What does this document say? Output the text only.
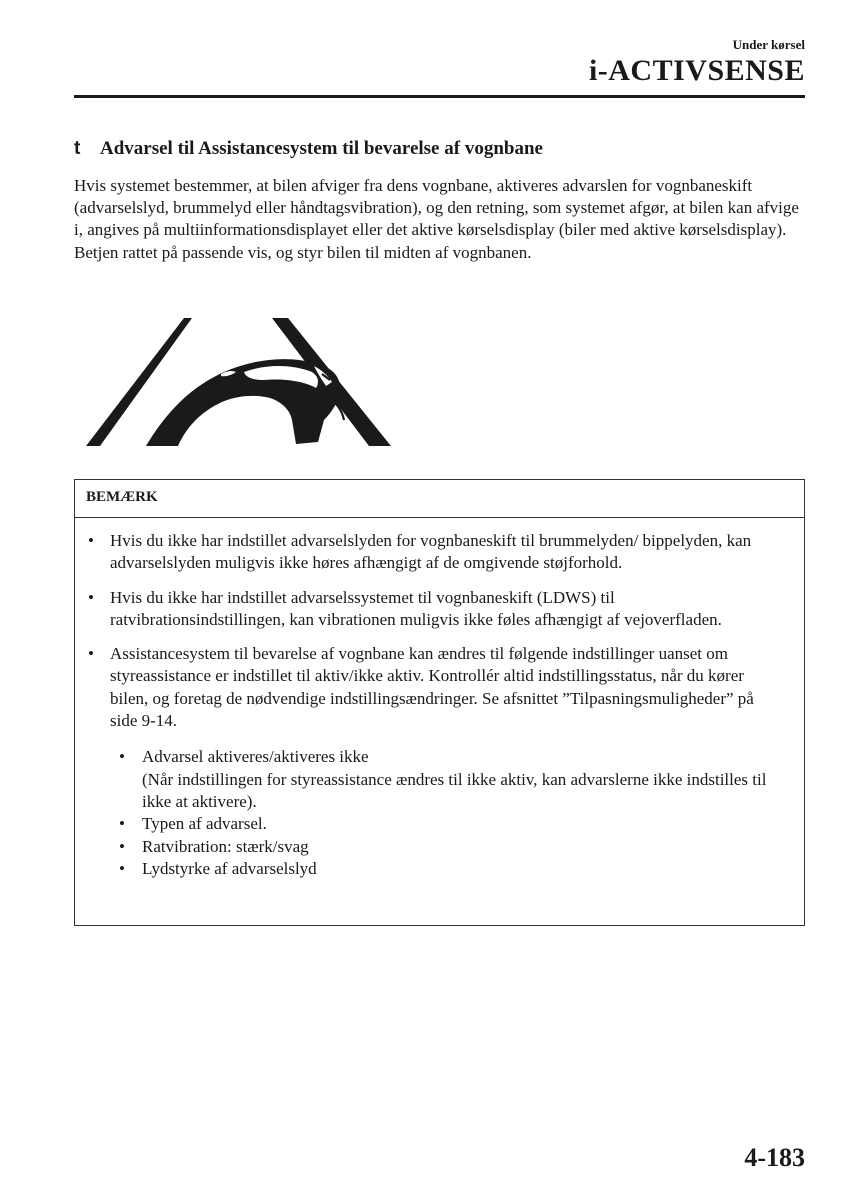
Under kørsel
i-ACTIVSENSE
t Advarsel til Assistancesystem til bevarelse af vognbane

Hvis systemet bestemmer, at bilen afviger fra dens vognbane, aktiveres advarslen for vognbaneskift (advarselslyd, brummelyd eller håndtagsvibration), og den retning, som systemet afgør, at bilen kan afvige i, angives på multiinformationsdisplayet eller det aktive kørselsdisplay (biler med aktive kørselsdisplay). Betjen rattet på passende vis, og styr bilen til midten af vognbanen.

BEMÆRK
• Hvis du ikke har indstillet advarselslyden for vognbaneskift til brummelyden/ bippelyden, kan advarselslyden muligvis ikke høres afhængigt af de omgivende støjforhold.
• Hvis du ikke har indstillet advarselssystemet til vognbaneskift (LDWS) til ratvibrationsindstillingen, kan vibrationen muligvis ikke føles afhængigt af vejoverfladen.
• Assistancesystem til bevarelse af vognbane kan ændres til følgende indstillinger uanset om styreassistance er indstillet til aktiv/ikke aktiv. Kontrollér altid indstillingsstatus, når du kører bilen, og foretag de nødvendige indstillingsændringer. Se afsnittet ”Tilpasningsmuligheder” på side 9-14.
• Advarsel aktiveres/aktiveres ikke
(Når indstillingen for styreassistance ændres til ikke aktiv, kan advarslerne ikke indstilles til ikke at aktivere).
• Typen af advarsel.
• Ratvibration: stærk/svag
• Lydstyrke af advarselslyd
4-183
